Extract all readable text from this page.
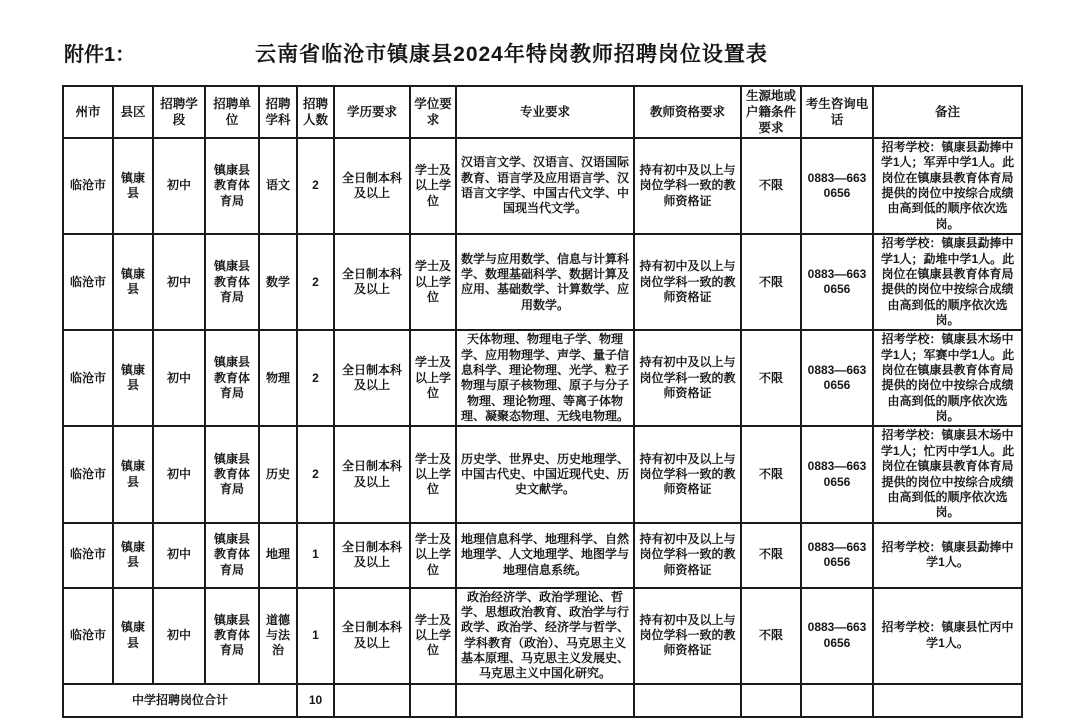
附件1：	云南省临沧市镇康县2024年特岗教师招聘岗位设置表
州市	县区	招聘学段	招聘单位	招聘学科	招聘人数	学历要求	学位要求	专业要求	教师资格要求	生源地或户籍条件要求	考生咨询电话	备注
临沧市	镇康县	初中	镇康县教育体育局	语文	2	全日制本科及以上	学士及以上学位	汉语言文学、汉语言、汉语国际教育、语言学及应用语言学、汉语言文字学、中国古代文学、中国现当代文学。	持有初中及以上与岗位学科一致的教师资格证	不限	0883—6630656	招考学校：镇康县勐捧中学1人；军弄中学1人。此岗位在镇康县教育体育局提供的岗位中按综合成绩由高到低的顺序依次选岗。
临沧市	镇康县	初中	镇康县教育体育局	数学	2	全日制本科及以上	学士及以上学位	数学与应用数学、信息与计算科学、数理基础科学、数据计算及应用、基础数学、计算数学、应用数学。	持有初中及以上与岗位学科一致的教师资格证	不限	0883—6630656	招考学校：镇康县勐捧中学1人；勐堆中学1人。此岗位在镇康县教育体育局提供的岗位中按综合成绩由高到低的顺序依次选岗。
临沧市	镇康县	初中	镇康县教育体育局	物理	2	全日制本科及以上	学士及以上学位	天体物理、物理电子学、物理学、应用物理学、声学、量子信息科学、理论物理、光学、粒子物理与原子核物理、原子与分子物理、理论物理、等离子体物理、凝聚态物理、无线电物理。	持有初中及以上与岗位学科一致的教师资格证	不限	0883—6630656	招考学校：镇康县木场中学1人；军赛中学1人。此岗位在镇康县教育体育局提供的岗位中按综合成绩由高到低的顺序依次选岗。
临沧市	镇康县	初中	镇康县教育体育局	历史	2	全日制本科及以上	学士及以上学位	历史学、世界史、历史地理学、中国古代史、中国近现代史、历史文献学。	持有初中及以上与岗位学科一致的教师资格证	不限	0883—6630656	招考学校：镇康县木场中学1人；忙丙中学1人。此岗位在镇康县教育体育局提供的岗位中按综合成绩由高到低的顺序依次选岗。
临沧市	镇康县	初中	镇康县教育体育局	地理	1	全日制本科及以上	学士及以上学位	地理信息科学、地理科学、自然地理学、人文地理学、地图学与地理信息系统。	持有初中及以上与岗位学科一致的教师资格证	不限	0883—6630656	招考学校：镇康县勐捧中学1人。
临沧市	镇康县	初中	镇康县教育体育局	道德与法治	1	全日制本科及以上	学士及以上学位	政治经济学、政治学理论、哲学、思想政治教育、政治学与行政学、政治学、经济学与哲学、学科教育（政治）、马克思主义基本原理、马克思主义发展史、马克思主义中国化研究。	持有初中及以上与岗位学科一致的教师资格证	不限	0883—6630656	招考学校：镇康县忙丙中学1人。
中学招聘岗位合计					10							
